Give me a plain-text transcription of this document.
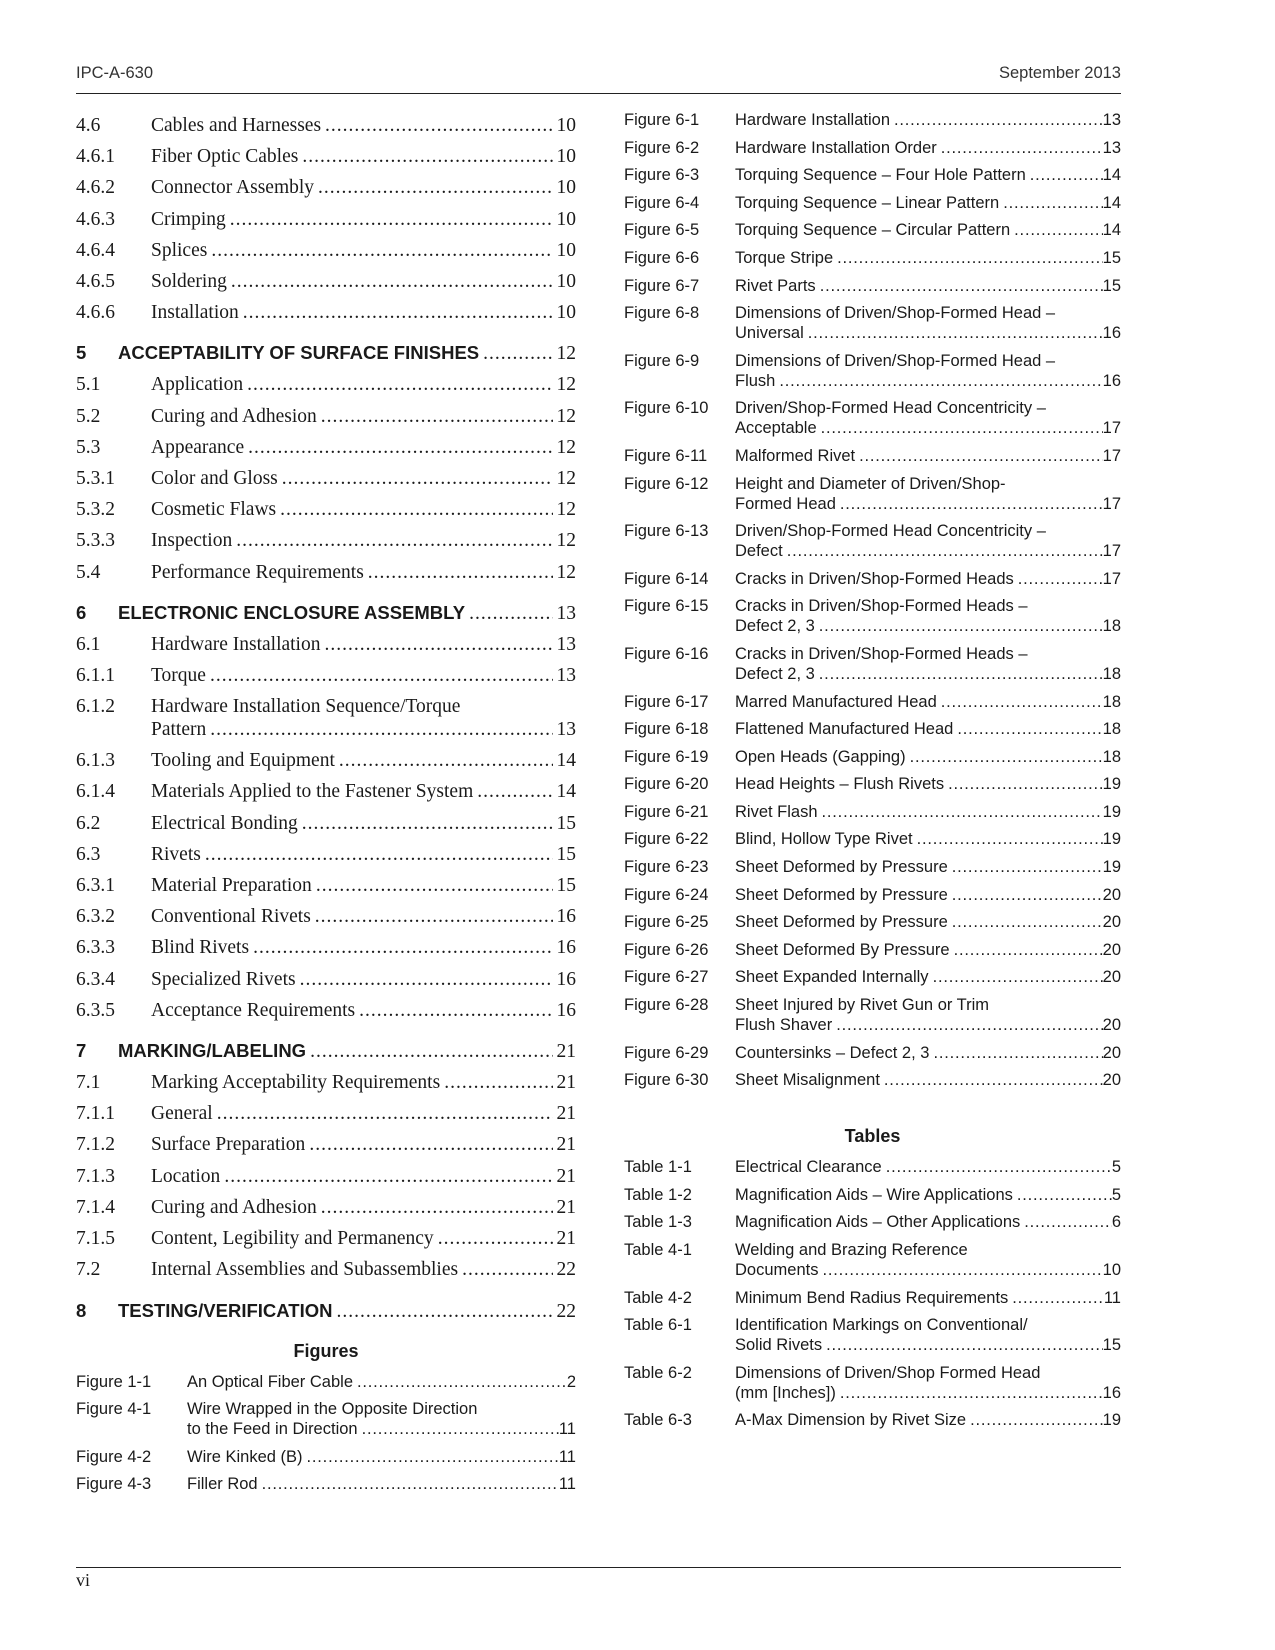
IPC-A-630	September 2013
4.6	Cables and Harnesses .....	10
4.6.1	Fiber Optic Cables .....	10
4.6.2	Connector Assembly .....	10
4.6.3	Crimping .....	10
4.6.4	Splices .....	10
4.6.5	Soldering .....	10
4.6.6	Installation .....	10
5	ACCEPTABILITY OF SURFACE FINISHES .....	12
5.1	Application .....	12
5.2	Curing and Adhesion .....	12
5.3	Appearance .....	12
5.3.1	Color and Gloss .....	12
5.3.2	Cosmetic Flaws .....	12
5.3.3	Inspection .....	12
5.4	Performance Requirements .....	12
6	ELECTRONIC ENCLOSURE ASSEMBLY .....	13
6.1	Hardware Installation .....	13
6.1.1	Torque .....	13
6.1.2	Hardware Installation Sequence/Torque
Pattern .....	13
6.1.3	Tooling and Equipment .....	14
6.1.4	Materials Applied to the Fastener System .....	14
6.2	Electrical Bonding .....	15
6.3	Rivets .....	15
6.3.1	Material Preparation .....	15
6.3.2	Conventional Rivets .....	16
6.3.3	Blind Rivets .....	16
6.3.4	Specialized Rivets .....	16
6.3.5	Acceptance Requirements .....	16
7	MARKING/LABELING .....	21
7.1	Marking Acceptability Requirements .....	21
7.1.1	General .....	21
7.1.2	Surface Preparation .....	21
7.1.3	Location .....	21
7.1.4	Curing and Adhesion .....	21
7.1.5	Content, Legibility and Permanency .....	21
7.2	Internal Assemblies and Subassemblies .....	22
8	TESTING/VERIFICATION .....	22
Figures
Figure 1-1	An Optical Fiber Cable .....	2
Figure 4-1	Wire Wrapped in the Opposite Direction
to the Feed in Direction .....	11
Figure 4-2	Wire Kinked (B) .....	11
Figure 4-3	Filler Rod .....	11
Figure 6-1	Hardware Installation .....	13
Figure 6-2	Hardware Installation Order .....	13
Figure 6-3	Torquing Sequence – Four Hole Pattern .....	14
Figure 6-4	Torquing Sequence – Linear Pattern .....	14
Figure 6-5	Torquing Sequence – Circular Pattern .....	14
Figure 6-6	Torque Stripe .....	15
Figure 6-7	Rivet Parts .....	15
Figure 6-8	Dimensions of Driven/Shop-Formed Head –
Universal .....	16
Figure 6-9	Dimensions of Driven/Shop-Formed Head –
Flush .....	16
Figure 6-10	Driven/Shop-Formed Head Concentricity –
Acceptable .....	17
Figure 6-11	Malformed Rivet .....	17
Figure 6-12	Height and Diameter of Driven/Shop-
Formed Head .....	17
Figure 6-13	Driven/Shop-Formed Head Concentricity –
Defect .....	17
Figure 6-14	Cracks in Driven/Shop-Formed Heads .....	17
Figure 6-15	Cracks in Driven/Shop-Formed Heads –
Defect 2, 3 .....	18
Figure 6-16	Cracks in Driven/Shop-Formed Heads –
Defect 2, 3 .....	18
Figure 6-17	Marred Manufactured Head .....	18
Figure 6-18	Flattened Manufactured Head .....	18
Figure 6-19	Open Heads (Gapping) .....	18
Figure 6-20	Head Heights – Flush Rivets .....	19
Figure 6-21	Rivet Flash .....	19
Figure 6-22	Blind, Hollow Type Rivet .....	19
Figure 6-23	Sheet Deformed by Pressure .....	19
Figure 6-24	Sheet Deformed by Pressure .....	20
Figure 6-25	Sheet Deformed by Pressure .....	20
Figure 6-26	Sheet Deformed By Pressure .....	20
Figure 6-27	Sheet Expanded Internally .....	20
Figure 6-28	Sheet Injured by Rivet Gun or Trim
Flush Shaver .....	20
Figure 6-29	Countersinks – Defect 2, 3 .....	20
Figure 6-30	Sheet Misalignment .....	20
Tables
Table 1-1	Electrical Clearance .....	5
Table 1-2	Magnification Aids – Wire Applications .....	5
Table 1-3	Magnification Aids – Other Applications .....	6
Table 4-1	Welding and Brazing Reference
Documents .....	10
Table 4-2	Minimum Bend Radius Requirements .....	11
Table 6-1	Identification Markings on Conventional/
Solid Rivets .....	15
Table 6-2	Dimensions of Driven/Shop Formed Head
(mm [Inches]) .....	16
Table 6-3	A-Max Dimension by Rivet Size .....	19
vi
